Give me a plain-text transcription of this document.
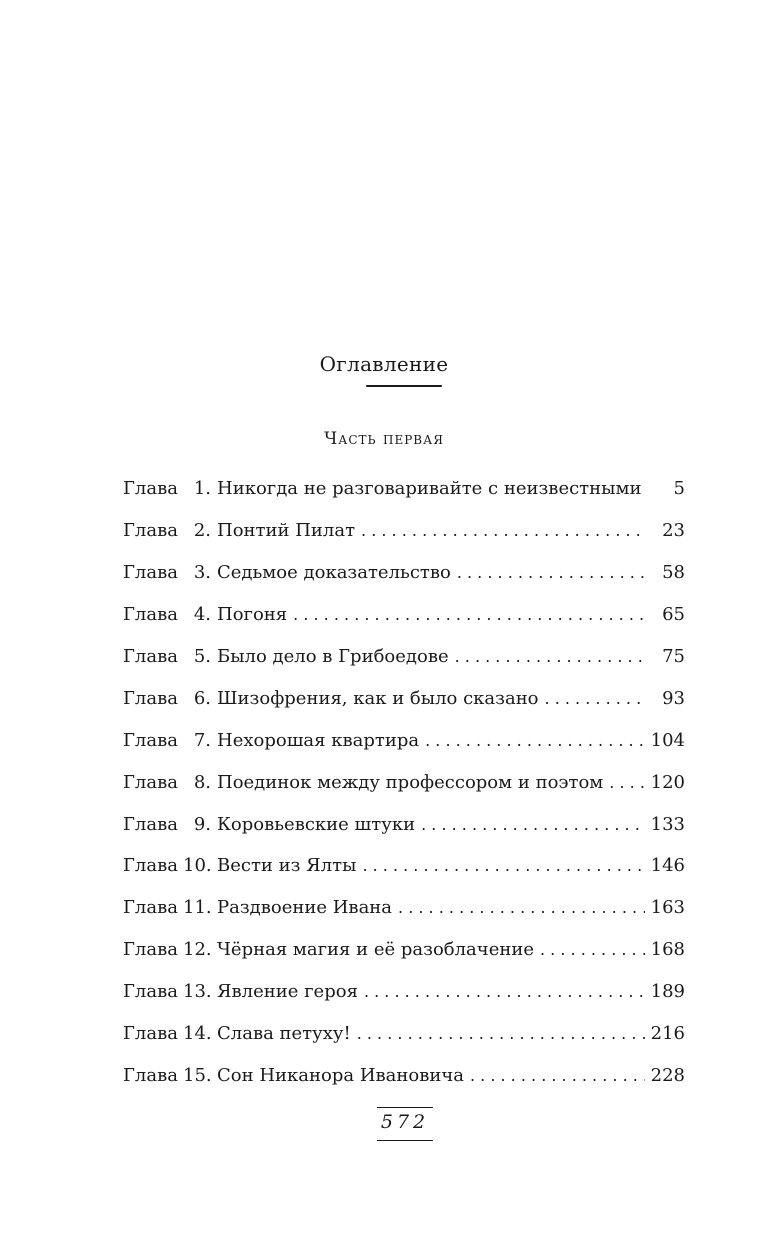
Оглавление
Часть первая
Глава 1. Никогда не разговаривайте с неизвестными	5
Глава 2. Понтий Пилат . . .	23
Глава 3. Седьмое доказательство . . .	58
Глава 4. Погоня . . .	65
Глава 5. Было дело в Грибоедове . . .	75
Глава 6. Шизофрения, как и было сказано . . .	93
Глава 7. Нехорошая квартира . . .	104
Глава 8. Поединок между профессором и поэтом . . .	120
Глава 9. Коровьевские штуки . . .	133
Глава 10. Вести из Ялты . . .	146
Глава 11. Раздвоение Ивана . . .	163
Глава 12. Чёрная магия и её разоблачение . . .	168
Глава 13. Явление героя . . .	189
Глава 14. Слава петуху! . . .	216
Глава 15. Сон Никанора Ивановича . . .	228
572
